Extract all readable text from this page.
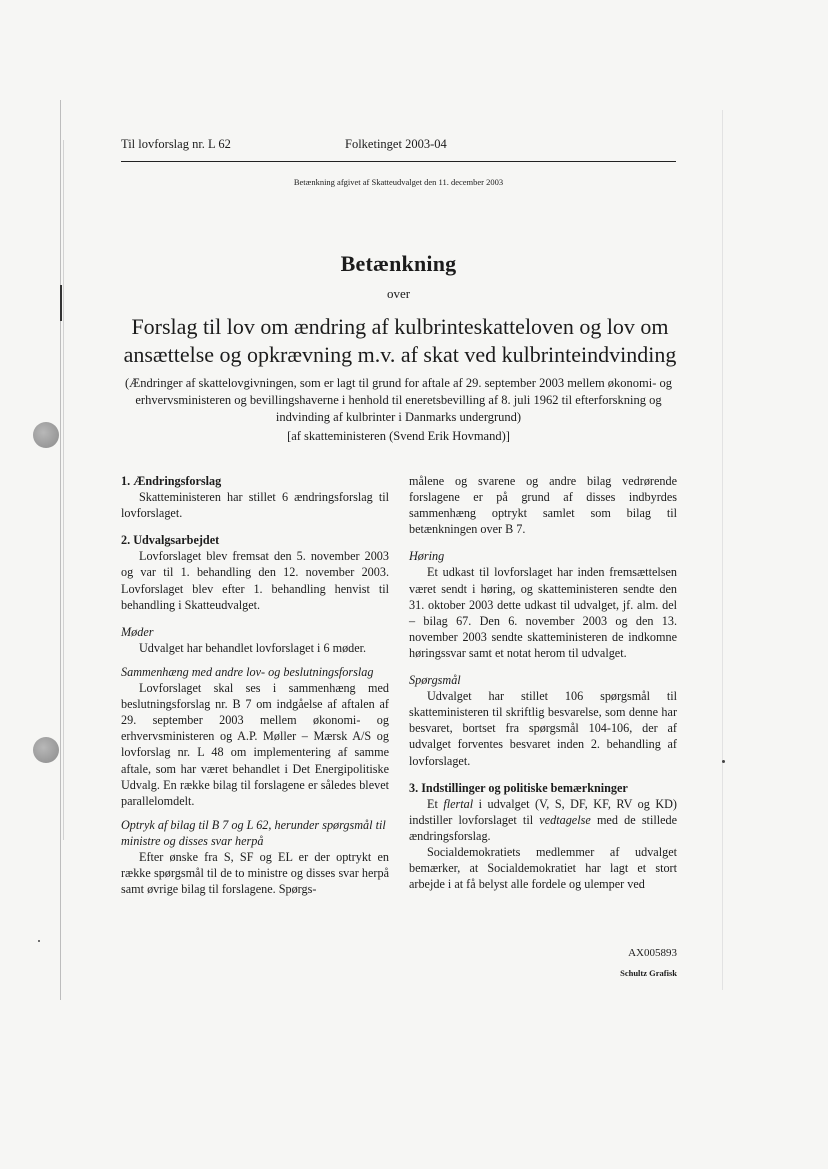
Til lovforslag nr. L 62	Folketinget 2003-04
Betænkning afgivet af Skatteudvalget den 11. december 2003
Betænkning
over
Forslag til lov om ændring af kulbrinteskatteloven og lov om ansættelse og opkrævning m.v. af skat ved kulbrinteindvinding
(Ændringer af skattelovgivningen, som er lagt til grund for aftale af 29. september 2003 mellem økonomi- og erhvervsministeren og bevillingshaverne i henhold til eneretsbevilling af 8. juli 1962 til efterforskning og indvinding af kulbrinter i Danmarks undergrund)
[af skatteministeren (Svend Erik Hovmand)]
1. Ændringsforslag

Skatteministeren har stillet 6 ændringsforslag til lovforslaget.

2. Udvalgsarbejdet

Lovforslaget blev fremsat den 5. november 2003 og var til 1. behandling den 12. november 2003. Lovforslaget blev efter 1. behandling henvist til behandling i Skatteudvalget.

Møder

Udvalget har behandlet lovforslaget i 6 møder.

Sammenhæng med andre lov- og beslutningsforslag

Lovforslaget skal ses i sammenhæng med beslutningsforslag nr. B 7 om indgåelse af aftalen af 29. september 2003 mellem økonomi- og erhvervsministeren og A.P. Møller – Mærsk A/S og lovforslag nr. L 48 om implementering af samme aftale, som har været behandlet i Det Energipolitiske Udvalg. En række bilag til forslagene er således blevet parallelomdelt.

Optryk af bilag til B 7 og L 62, herunder spørgsmål til ministre og disses svar herpå

Efter ønske fra S, SF og EL er der optrykt en række spørgsmål til de to ministre og disses svar herpå samt øvrige bilag til forslagene. Spørgs-

målene og svarene og andre bilag vedrørende forslagene er på grund af disses indbyrdes sammenhæng optrykt samlet som bilag til betænkningen over B 7.

Høring

Et udkast til lovforslaget har inden fremsættelsen været sendt i høring, og skatteministeren sendte den 31. oktober 2003 dette udkast til udvalget, jf. alm. del – bilag 67. Den 6. november 2003 og den 13. november 2003 sendte skatteministeren de indkomne høringssvar samt et notat herom til udvalget.

Spørgsmål

Udvalget har stillet 106 spørgsmål til skatteministeren til skriftlig besvarelse, som denne har besvaret, bortset fra spørgsmål 104-106, der af udvalget forventes besvaret inden 2. behandling af lovforslaget.

3. Indstillinger og politiske bemærkninger

Et flertal i udvalget (V, S, DF, KF, RV og KD) indstiller lovforslaget til vedtagelse med de stillede ændringsforslag.

Socialdemokratiets medlemmer af udvalget bemærker, at Socialdemokratiet har lagt et stort arbejde i at få belyst alle fordele og ulemper ved

AX005893
Schultz Grafisk
